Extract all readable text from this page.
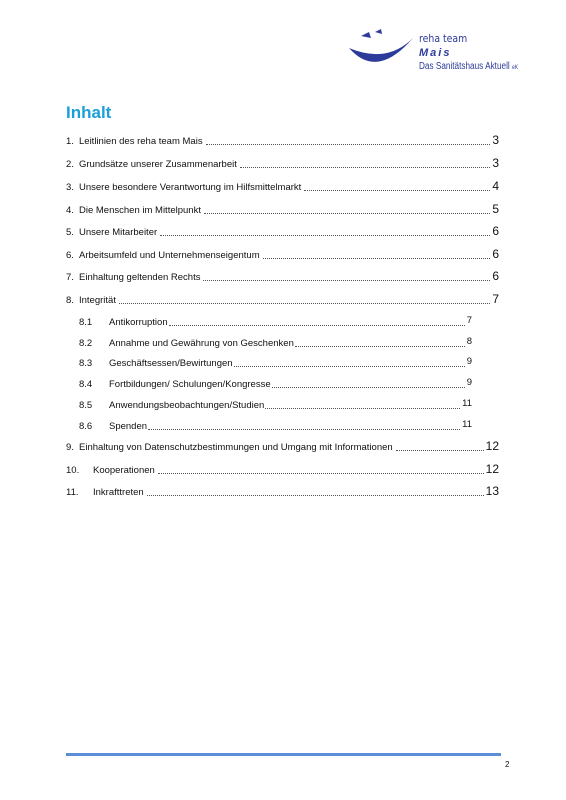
reha team
Mais
Das Sanitätshaus Aktuell eK
Inhalt
1. Leitlinien des reha team Mais	3
2. Grundsätze unserer Zusammenarbeit	3
3. Unsere besondere Verantwortung im Hilfsmittelmarkt	4
4. Die Menschen im Mittelpunkt	5
5. Unsere Mitarbeiter	6
6. Arbeitsumfeld und Unternehmenseigentum	6
7. Einhaltung geltenden Rechts	6
8. Integrität	7
8.1	Antikorruption	7
8.2	Annahme und Gewährung von Geschenken	8
8.3	Geschäftsessen/Bewirtungen	9
8.4	Fortbildungen/ Schulungen/Kongresse	9
8.5	Anwendungsbeobachtungen/Studien	11
8.6	Spenden	11
9. Einhaltung von Datenschutzbestimmungen und Umgang mit Informationen	12
10.	Kooperationen	12
11.	Inkrafttreten	13
2
